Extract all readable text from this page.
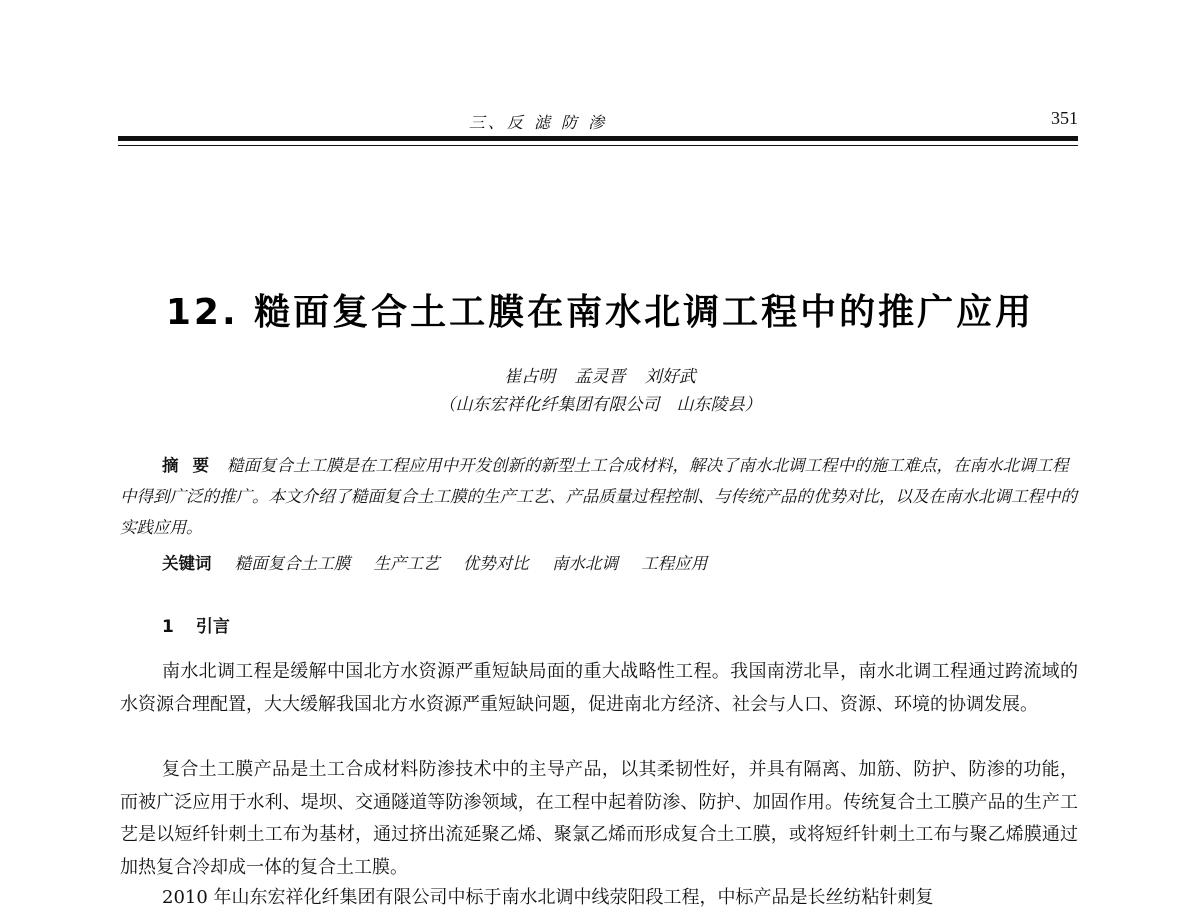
三、反 滤 防 渗	351
12. 糙面复合土工膜在南水北调工程中的推广应用
崔占明 孟灵晋 刘好武
（山东宏祥化纤集团有限公司　山东陵县）

摘要 糙面复合土工膜是在工程应用中开发创新的新型土工合成材料，解决了南水北调工程中的施工难点，在南水北调工程中得到广泛的推广。本文介绍了糙面复合土工膜的生产工艺、产品质量过程控制、与传统产品的优势对比，以及在南水北调工程中的实践应用。

关键词 糙面复合土工膜 生产工艺 优势对比 南水北调 工程应用

1 引言

南水北调工程是缓解中国北方水资源严重短缺局面的重大战略性工程。我国南涝北旱，南水北调工程通过跨流域的水资源合理配置，大大缓解我国北方水资源严重短缺问题，促进南北方经济、社会与人口、资源、环境的协调发展。

复合土工膜产品是土工合成材料防渗技术中的主导产品，以其柔韧性好，并具有隔离、加筋、防护、防渗的功能，而被广泛应用于水利、堤坝、交通隧道等防渗领域，在工程中起着防渗、防护、加固作用。传统复合土工膜产品的生产工艺是以短纤针刺土工布为基材，通过挤出流延聚乙烯、聚氯乙烯而形成复合土工膜，或将短纤针刺土工布与聚乙烯膜通过加热复合冷却成一体的复合土工膜。

2010 年山东宏祥化纤集团有限公司中标于南水北调中线荥阳段工程，中标产品是长丝纺粘针刺复
